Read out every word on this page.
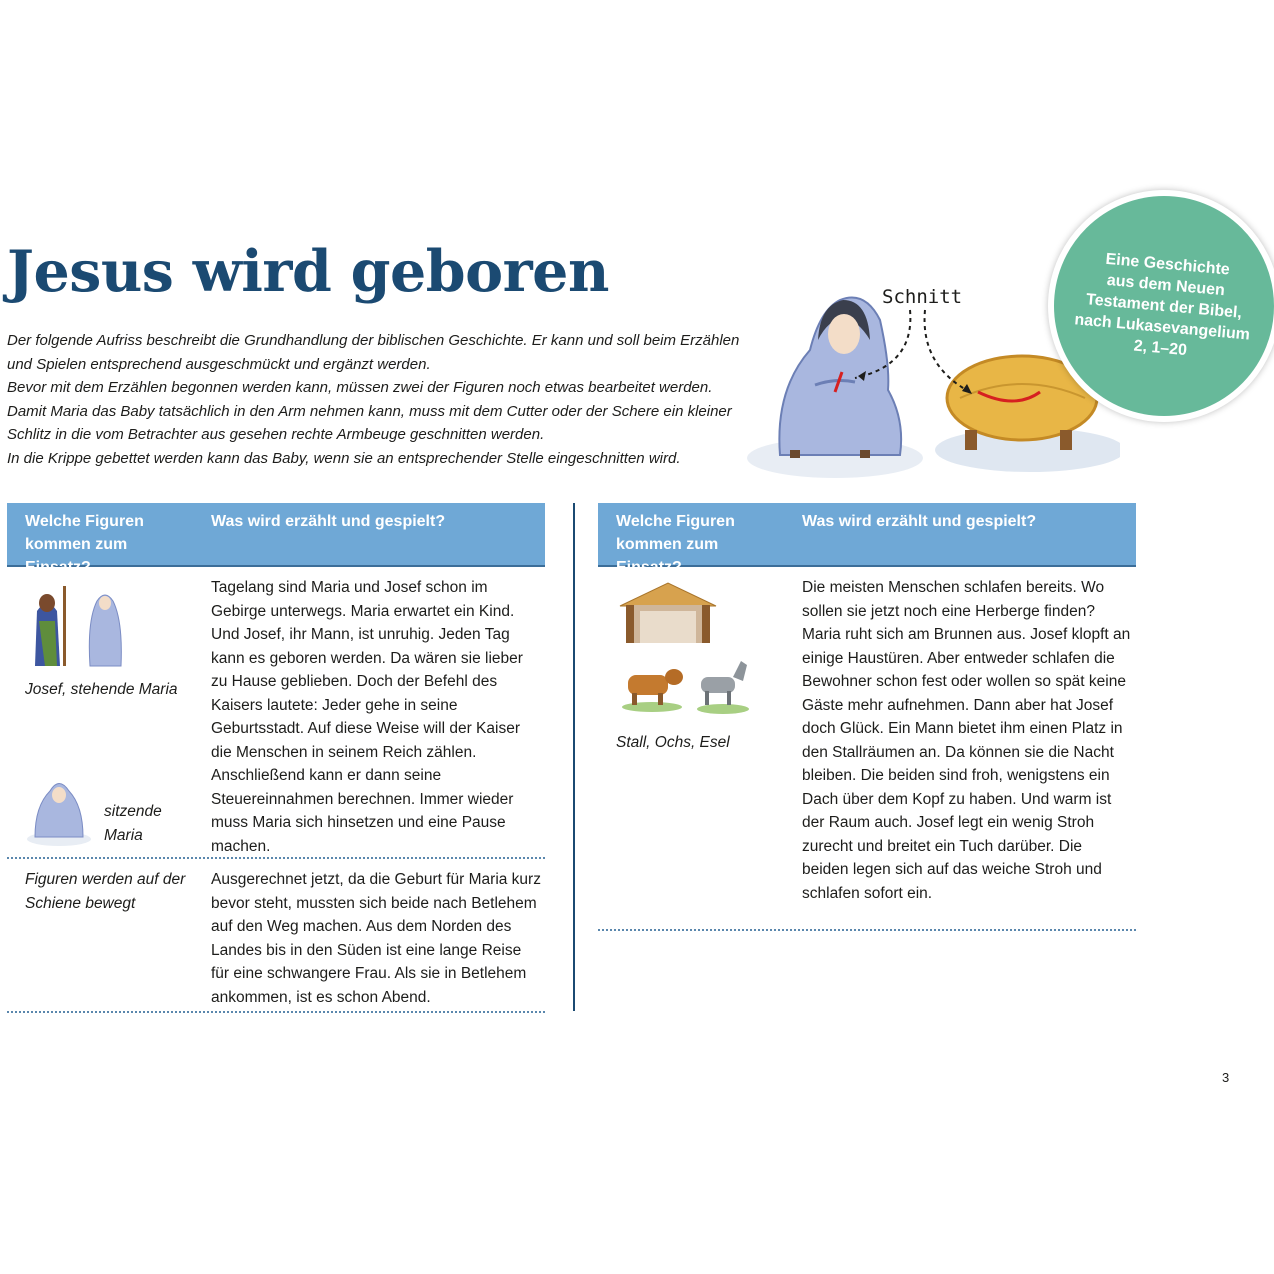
Jesus wird geboren

Der folgende Aufriss beschreibt die Grundhandlung der biblischen Geschichte. Er kann und soll beim Erzählen und Spielen entsprechend ausgeschmückt und ergänzt werden.

Bevor mit dem Erzählen begonnen werden kann, müssen zwei der Figuren noch etwas bearbeitet werden. Damit Maria das Baby tatsächlich in den Arm nehmen kann, muss mit dem Cutter oder der Schere ein kleiner Schlitz in die vom Betrachter aus gesehen rechte Armbeuge geschnitten werden.

In die Krippe gebettet werden kann das Baby, wenn sie an entsprechender Stelle eingeschnitten wird.

Schnitt
Eine Geschichte
aus dem Neuen
Testament der Bibel,
nach Lukasevangelium
2, 1–20
Welche Figuren kommen zum Einsatz?
Was wird erzählt und gespielt?
Josef, stehende Maria
sitzende Maria
Tagelang sind Maria und Josef schon im Gebirge unterwegs. Maria erwartet ein Kind. Und Josef, ihr Mann, ist unruhig. Jeden Tag kann es geboren werden. Da wären sie lieber zu Hause geblieben. Doch der Befehl des Kaisers lautete: Jeder gehe in seine Geburtsstadt. Auf diese Weise will der Kaiser die Menschen in seinem Reich zählen. Anschließend kann er dann seine Steuereinnahmen berechnen. Immer wieder muss Maria sich hinsetzen und eine Pause machen.
Figuren werden auf der Schiene bewegt
Ausgerechnet jetzt, da die Geburt für Maria kurz bevor steht, mussten sich beide nach Betlehem auf den Weg machen. Aus dem Norden des Landes bis in den Süden ist eine lange Reise für eine schwangere Frau. Als sie in Betlehem ankommen, ist es schon Abend.
Welche Figuren kommen zum Einsatz?
Was wird erzählt und gespielt?
Stall, Ochs, Esel
Die meisten Menschen schlafen bereits. Wo sollen sie jetzt noch eine Herberge finden? Maria ruht sich am Brunnen aus. Josef klopft an einige Haustüren. Aber entweder schlafen die Bewohner schon fest oder wollen so spät keine Gäste mehr aufnehmen. Dann aber hat Josef doch Glück. Ein Mann bietet ihm einen Platz in den Stallräumen an. Da können sie die Nacht bleiben. Die beiden sind froh, wenigstens ein Dach über dem Kopf zu haben. Und warm ist der Raum auch. Josef legt ein wenig Stroh zurecht und breitet ein Tuch darüber. Die beiden legen sich auf das weiche Stroh und schlafen sofort ein.
3
